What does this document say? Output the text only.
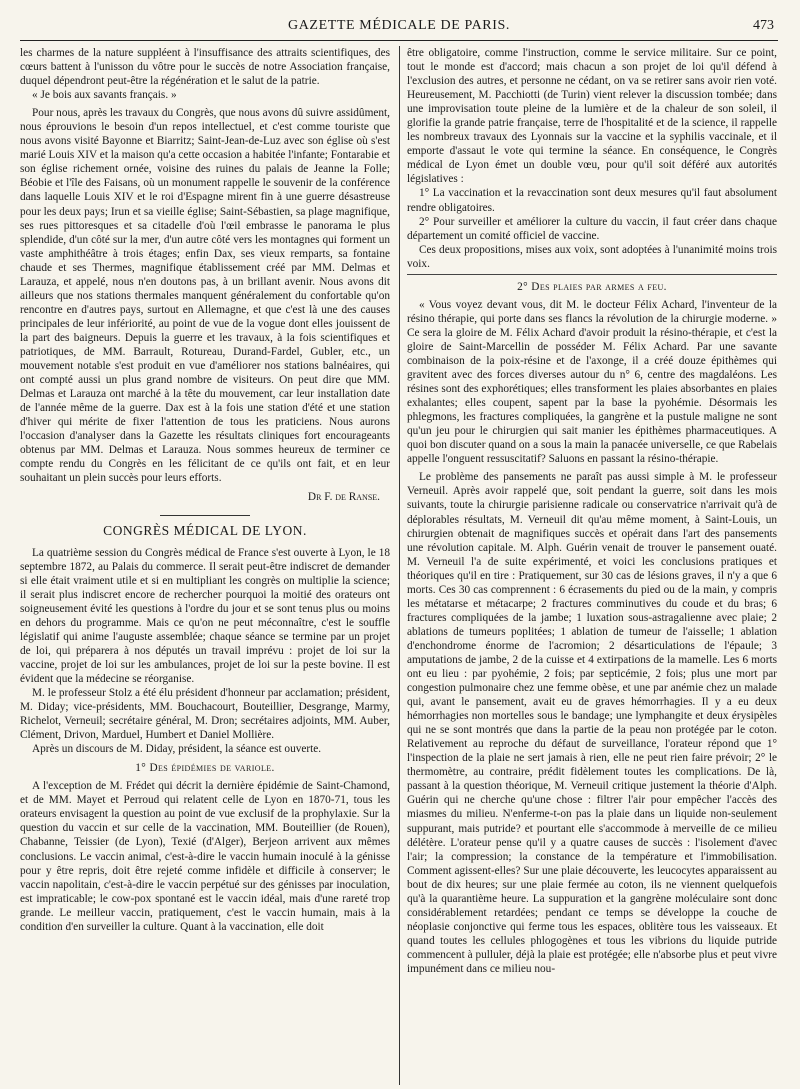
GAZETTE MÉDICALE DE PARIS.	473

les charmes de la nature suppléent à l'insuffisance des attraits scientifiques, des cœurs battent à l'unisson du vôtre pour le succès de notre Association française, duquel dépendront peut-être la régénération et le salut de la patrie.

« Je bois aux savants français. »

Pour nous, après les travaux du Congrès, que nous avons dû suivre assidûment, nous éprouvions le besoin d'un repos intellectuel, et c'est comme touriste que nous avons visité Bayonne et Biarritz; Saint-Jean-de-Luz avec son église où s'est marié Louis XIV et la maison qu'a cette occasion a habitée l'infante; Fontarabie et son église richement ornée, voisine des ruines du palais de Jeanne la Folle; Béobie et l'île des Faisans, où un monument rappelle le souvenir de la conférence dans laquelle Louis XIV et le roi d'Espagne mirent fin à une guerre désastreuse pour les deux pays; Irun et sa vieille église; Saint-Sébastien, sa plage magnifique, ses rues pittoresques et sa citadelle d'où l'œil embrasse le panorama le plus splendide, d'un côté sur la mer, d'un autre côté vers les montagnes qui forment un vaste amphithéâtre à trois étages; enfin Dax, ses vieux remparts, sa fontaine chaude et ses Thermes, magnifique établissement créé par MM. Delmas et Larauza, et appelé, nous n'en doutons pas, à un brillant avenir. Nous avons dit ailleurs que nos stations thermales manquent généralement du confortable qu'on rencontre en d'autres pays, surtout en Allemagne, et que c'est là une des causes principales de leur infériorité, au point de vue de la vogue dont elles jouissent de la part des baigneurs. Depuis la guerre et les travaux, à la fois scientifiques et patriotiques, de MM. Barrault, Rotureau, Durand-Fardel, Gubler, etc., un mouvement notable s'est produit en vue d'améliorer nos stations balnéaires, qui ont compté aussi un plus grand nombre de visiteurs. On peut dire que MM. Delmas et Larauza ont marché à la tête du mouvement, car leur installation date de l'année même de la guerre. Dax est à la fois une station d'été et une station d'hiver qui mérite de fixer l'attention de tous les praticiens. Nous aurons l'occasion d'analyser dans la Gazette les résultats cliniques fort encourageants obtenus par MM. Delmas et Larauza. Nous sommes heureux de terminer ce compte rendu du Congrès en les félicitant de ce qu'ils ont fait, et en leur souhaitant un plein succès pour leurs efforts.

Dr F. de Ranse.
CONGRÈS MÉDICAL DE LYON.

La quatrième session du Congrès médical de France s'est ouverte à Lyon, le 18 septembre 1872, au Palais du commerce. Il serait peut-être indiscret de demander si elle était vraiment utile et si en multipliant les congrès on multiplie la science; il serait plus indiscret encore de rechercher pourquoi la moitié des orateurs ont soigneusement évité les questions à l'ordre du jour et se sont tenus plus ou moins en dehors du programme. Mais ce qu'on ne peut méconnaître, c'est le souffle législatif qui anime l'auguste assemblée; chaque séance se termine par un projet de loi, qui préparera à nos députés un travail imprévu : projet de loi sur la vaccine, projet de loi sur les ambulances, projet de loi sur la peste bovine. Il est évident que la médecine se réorganise.

M. le professeur Stolz a été élu président d'honneur par acclamation; président, M. Diday; vice-présidents, MM. Bouchacourt, Bouteillier, Desgrange, Marmy, Richelot, Verneuil; secrétaire général, M. Dron; secrétaires adjoints, MM. Auber, Clément, Drivon, Marduel, Humbert et Daniel Mollière.

Après un discours de M. Diday, président, la séance est ouverte.

1° Des épidémies de variole.

A l'exception de M. Frédet qui décrit la dernière épidémie de Saint-Chamond, et de MM. Mayet et Perroud qui relatent celle de Lyon en 1870-71, tous les orateurs envisagent la question au point de vue exclusif de la prophylaxie. Sur la question du vaccin et sur celle de la vaccination, MM. Bouteillier (de Rouen), Chabanne, Teissier (de Lyon), Texié (d'Alger), Berjeon arrivent aux mêmes conclusions. Le vaccin animal, c'est-à-dire le vaccin humain inoculé à la génisse pour y être repris, doit être rejeté comme infidèle et difficile à conserver; le vaccin napolitain, c'est-à-dire le vaccin perpétué sur des génisses par inoculation, est impraticable; le cow-pox spontané est le vaccin idéal, mais d'une rareté trop grande. Le meilleur vaccin, pratiquement, c'est le vaccin humain, mais à la condition d'en surveiller la culture. Quant à la vaccination, elle doit

être obligatoire, comme l'instruction, comme le service militaire. Sur ce point, tout le monde est d'accord; mais chacun a son projet de loi qu'il défend à l'exclusion des autres, et personne ne cédant, on va se retirer sans avoir rien voté. Heureusement, M. Pacchiotti (de Turin) vient relever la discussion tombée; dans une improvisation toute pleine de la lumière et de la chaleur de son soleil, il glorifie la grande patrie française, terre de l'hospitalité et de la science, il rappelle les nombreux travaux des Lyonnais sur la vaccine et la syphilis vaccinale, et il emporte d'assaut le vote qui termine la séance. En conséquence, le Congrès médical de Lyon émet un double vœu, pour qu'il soit déféré aux autorités législatives :

1° La vaccination et la revaccination sont deux mesures qu'il faut absolument rendre obligatoires.

2° Pour surveiller et améliorer la culture du vaccin, il faut créer dans chaque département un comité officiel de vaccine.

Ces deux propositions, mises aux voix, sont adoptées à l'unanimité moins trois voix.

2° Des plaies par armes a feu.

« Vous voyez devant vous, dit M. le docteur Félix Achard, l'inventeur de la résino thérapie, qui porte dans ses flancs la révolution de la chirurgie moderne. » Ce sera la gloire de M. Félix Achard d'avoir produit la résino-thérapie, et c'est la gloire de Saint-Marcellin de posséder M. Félix Achard. Par une savante combinaison de la poix-résine et de l'axonge, il a créé douze épithèmes qui gravitent avec des forces diverses autour du n° 6, centre des magdaléons. Les résines sont des exphorétiques; elles transforment les plaies absorbantes en plaies exhalantes; elles coupent, sapent par la base la pyohémie. Désormais les phlegmons, les fractures compliquées, la gangrène et la pustule maligne ne sont qu'un jeu pour le chirurgien qui sait manier les épithèmes pharmaceutiques. A quoi bon discuter quand on a sous la main la panacée universelle, ce que Rabelais appelle l'onguent ressuscitatif? Saluons en passant la résino-thérapie.

Le problème des pansements ne paraît pas aussi simple à M. le professeur Verneuil. Après avoir rappelé que, soit pendant la guerre, soit dans les mois suivants, toute la chirurgie parisienne radicale ou conservatrice n'arrivait qu'à de déplorables résultats, M. Verneuil dit qu'au même moment, à Saint-Louis, un chirurgien obtenait de magnifiques succès et opérait dans l'art des pansements une révolution capitale. M. Alph. Guérin venait de trouver le pansement ouaté. M. Verneuil l'a de suite expérimenté, et voici les conclusions pratiques et théoriques qu'il en tire : Pratiquement, sur 30 cas de lésions graves, il n'y a que 6 morts. Ces 30 cas comprennent : 6 écrasements du pied ou de la main, y compris les métatarse et métacarpe; 2 fractures comminutives du coude et du bras; 6 fractures compliquées de la jambe; 1 luxation sous-astragalienne avec plaie; 2 ablations de tumeurs poplitées; 1 ablation de tumeur de l'aisselle; 1 ablation d'enchondrome énorme de l'acromion; 2 désarticulations de l'épaule; 3 amputations de jambe, 2 de la cuisse et 4 extirpations de la mamelle. Les 6 morts ont eu lieu : par pyohémie, 2 fois; par septicémie, 2 fois; plus une mort par congestion pulmonaire chez une femme obèse, et une par anémie chez un malade qui, avant le pansement, avait eu de graves hémorrhagies. Il y a eu deux hémorrhagies non mortelles sous le bandage; une lymphangite et deux érysipèles qui ne se sont montrés que dans la partie de la peau non protégée par le coton. Relativement au reproche du défaut de surveillance, l'orateur répond que 1° l'inspection de la plaie ne sert jamais à rien, elle ne peut rien faire prévoir; 2° le thermomètre, au contraire, prédit fidèlement toutes les complications. De là, passant à la question théorique, M. Verneuil critique justement la théorie d'Alph. Guérin qui ne cherche qu'une chose : filtrer l'air pour empêcher l'accès des miasmes du milieu. N'enferme-t-on pas la plaie dans un liquide non-seulement suppurant, mais putride? et pourtant elle s'accommode à merveille de ce milieu délétère. L'orateur pense qu'il y a quatre causes de succès : l'isolement d'avec l'air; la compression; la constance de la température et l'immobilisation. Comment agissent-elles? Sur une plaie découverte, les leucocytes apparaissent au bout de dix heures; sur une plaie fermée au coton, ils ne viennent quelquefois qu'à la quarantième heure. La suppuration et la gangrène moléculaire sont donc considérablement retardées; pendant ce temps se développe la couche de néoplasie conjonctive qui ferme tous les espaces, oblitère tous les vaisseaux. Et quand toutes les cellules phlogogènes et tous les vibrions du liquide putride commencent à pulluler, déjà la plaie est protégée; elle n'absorbe plus et peut vivre impunément dans ce milieu nou-
